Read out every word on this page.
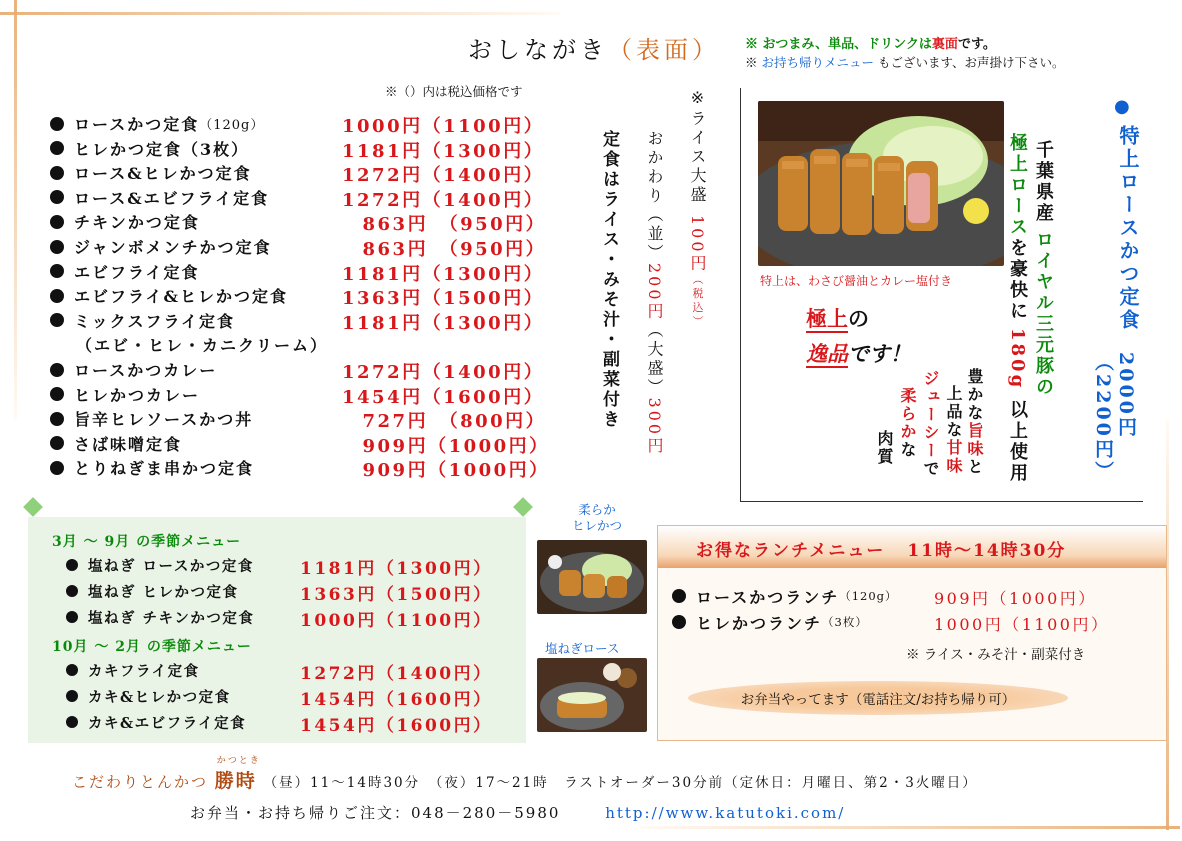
おしながき（表面） ※ おつまみ、単品、ドリンクは裏面です。
※ お持ち帰りメニュー もございます、お声掛け下さい。
※（）内は税込価格です
ロースかつ定食 （120g）	1000円（1100円）
ヒレかつ定食（3枚）	1181円（1300円）
ロース&ヒレかつ定食	1272円（1400円）
ロース&エビフライ定食	1272円（1400円）
チキンかつ定食	　863円　（950円）
ジャンボメンチかつ定食	　863円　（950円）
エビフライ定食	1181円（1300円）
エビフライ&ヒレかつ定食	1363円（1500円）
ミックスフライ定食	1181円（1300円）
（エビ・ヒレ・カニクリーム）
ロースかつカレー	1272円（1400円）
ヒレかつカレー	1454円（1600円）
旨辛ヒレソースかつ丼	　727円　（800円）
さば味噌定食	　909円（1000円）
とりねぎま串かつ定食	　909円（1000円）
定食はライス・みそ汁・副菜付き おかわり（並）200円（大盛）300円
※ライス大盛100円（税込）	特上は、わさび醤油とカレー塩付き
極上の
逸品です！
豊かな旨味と
上品な甘味
ジューシーで
柔らかな
肉質
千葉県産ロイヤル三元豚の
極上ロースを豪快に180g以上使用
●
特上ロースかつ定食
2000円
（2200円）
3月 ～ 9月 の季節メニュー
10月 ～ 2月 の季節メニュー
塩ねぎ ロースかつ定食	1181円（1300円）
塩ねぎ ヒレかつ定食	1363円（1500円）
塩ねぎ チキンかつ定食	1000円（1100円）
カキフライ定食	1272円（1400円）
カキ&ヒレかつ定食	1454円（1600円）
カキ&エビフライ定食	1454円（1600円）
柔らか
ヒレかつ
塩ねぎロース
お得なランチメニュー 11時～14時30分
ロースかつランチ （120g） 909円（1000円）
ヒレかつランチ （3枚）	1000円（1100円）
※ ライス・みそ汁・副菜付き
お弁当やってます（電話注文/お持ち帰り可）
こだわりとんかつ
かつとき
勝時 （昼）11～14時30分　（夜）17～21時　ラストオーダー30分前（定休日：月曜日、第2・3火曜日）
お弁当・お持ち帰りご注文：048－280－5980	http://www.katutoki.com/
